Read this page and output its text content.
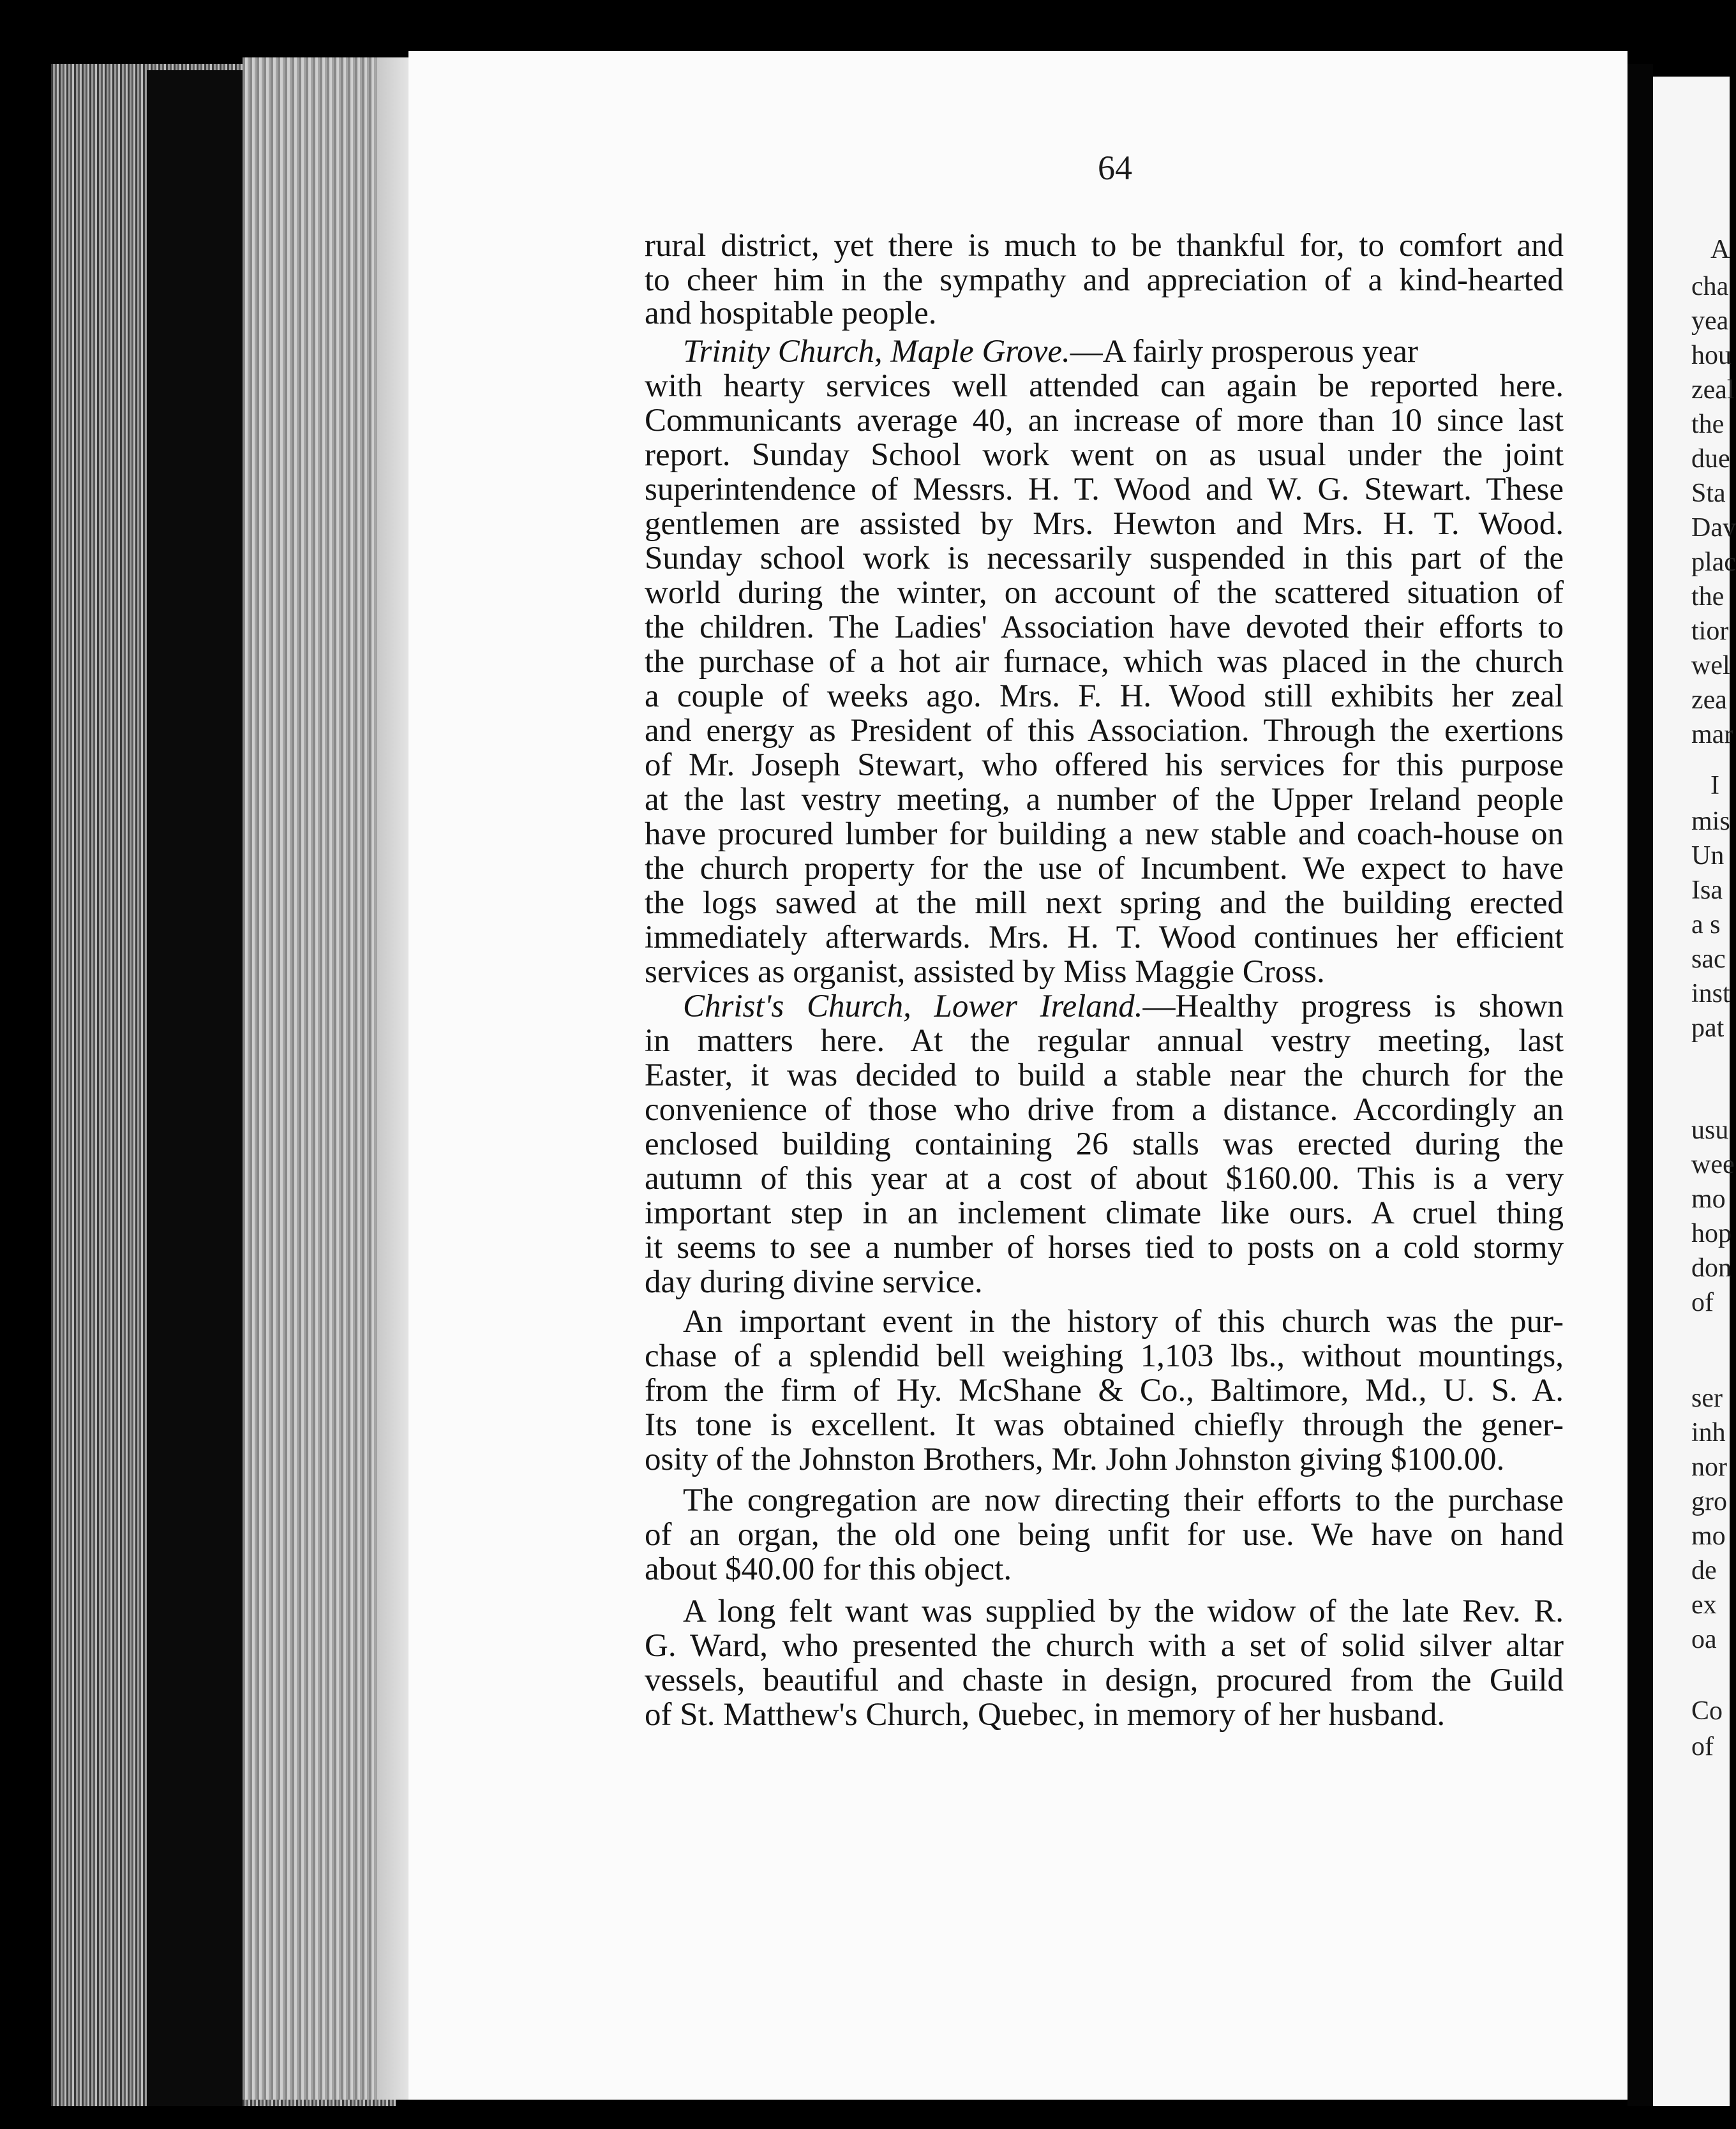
64
rural district, yet there is much to be thankful for, to comfort and
to cheer him in the sympathy and appreciation of a kind-hearted
and hospitable people.
Trinity Church, Maple Grove.—A fairly prosperous year
with hearty services well attended can again be reported here.
Communicants average 40, an increase of more than 10 since last
report. Sunday School work went on as usual under the joint
superintendence of Messrs. H. T. Wood and W. G. Stewart. These
gentlemen are assisted by Mrs. Hewton and Mrs. H. T. Wood.
Sunday school work is necessarily suspended in this part of the
world during the winter, on account of the scattered situation of
the children. The Ladies' Association have devoted their efforts to
the purchase of a hot air furnace, which was placed in the church
a couple of weeks ago. Mrs. F. H. Wood still exhibits her zeal
and energy as President of this Association. Through the exertions
of Mr. Joseph Stewart, who offered his services for this purpose
at the last vestry meeting, a number of the Upper Ireland people
have procured lumber for building a new stable and coach-house on
the church property for the use of Incumbent. We expect to have
the logs sawed at the mill next spring and the building erected
immediately afterwards. Mrs. H. T. Wood continues her efficient
services as organist, assisted by Miss Maggie Cross.
Christ's Church, Lower Ireland.—Healthy progress is shown
in matters here. At the regular annual vestry meeting, last
Easter, it was decided to build a stable near the church for the
convenience of those who drive from a distance. Accordingly an
enclosed building containing 26 stalls was erected during the
autumn of this year at a cost of about $160.00. This is a very
important step in an inclement climate like ours. A cruel thing
it seems to see a number of horses tied to posts on a cold stormy
day during divine service.
An important event in the history of this church was the pur-
chase of a splendid bell weighing 1,103 lbs., without mountings,
from the firm of Hy. McShane & Co., Baltimore, Md., U. S. A.
Its tone is excellent. It was obtained chiefly through the gener-
osity of the Johnston Brothers, Mr. John Johnston giving $100.00.
The congregation are now directing their efforts to the purchase
of an organ, the old one being unfit for use. We have on hand
about $40.00 for this object.
A long felt want was supplied by the widow of the late Rev. R.
G. Ward, who presented the church with a set of solid silver altar
vessels, beautiful and chaste in design, procured from the Guild
of St. Matthew's Church, Quebec, in memory of her husband.
A
cha
yea
hou
zeal
the
due
Sta
Dav
plac
the
tior
wel
zea
mar
I
mis
Un
Isa
a s
sac
inst
pat
usu
wee
mo
hop
don
of
ser
inh
nor
gro
mo
de
ex
oa
Co
of
